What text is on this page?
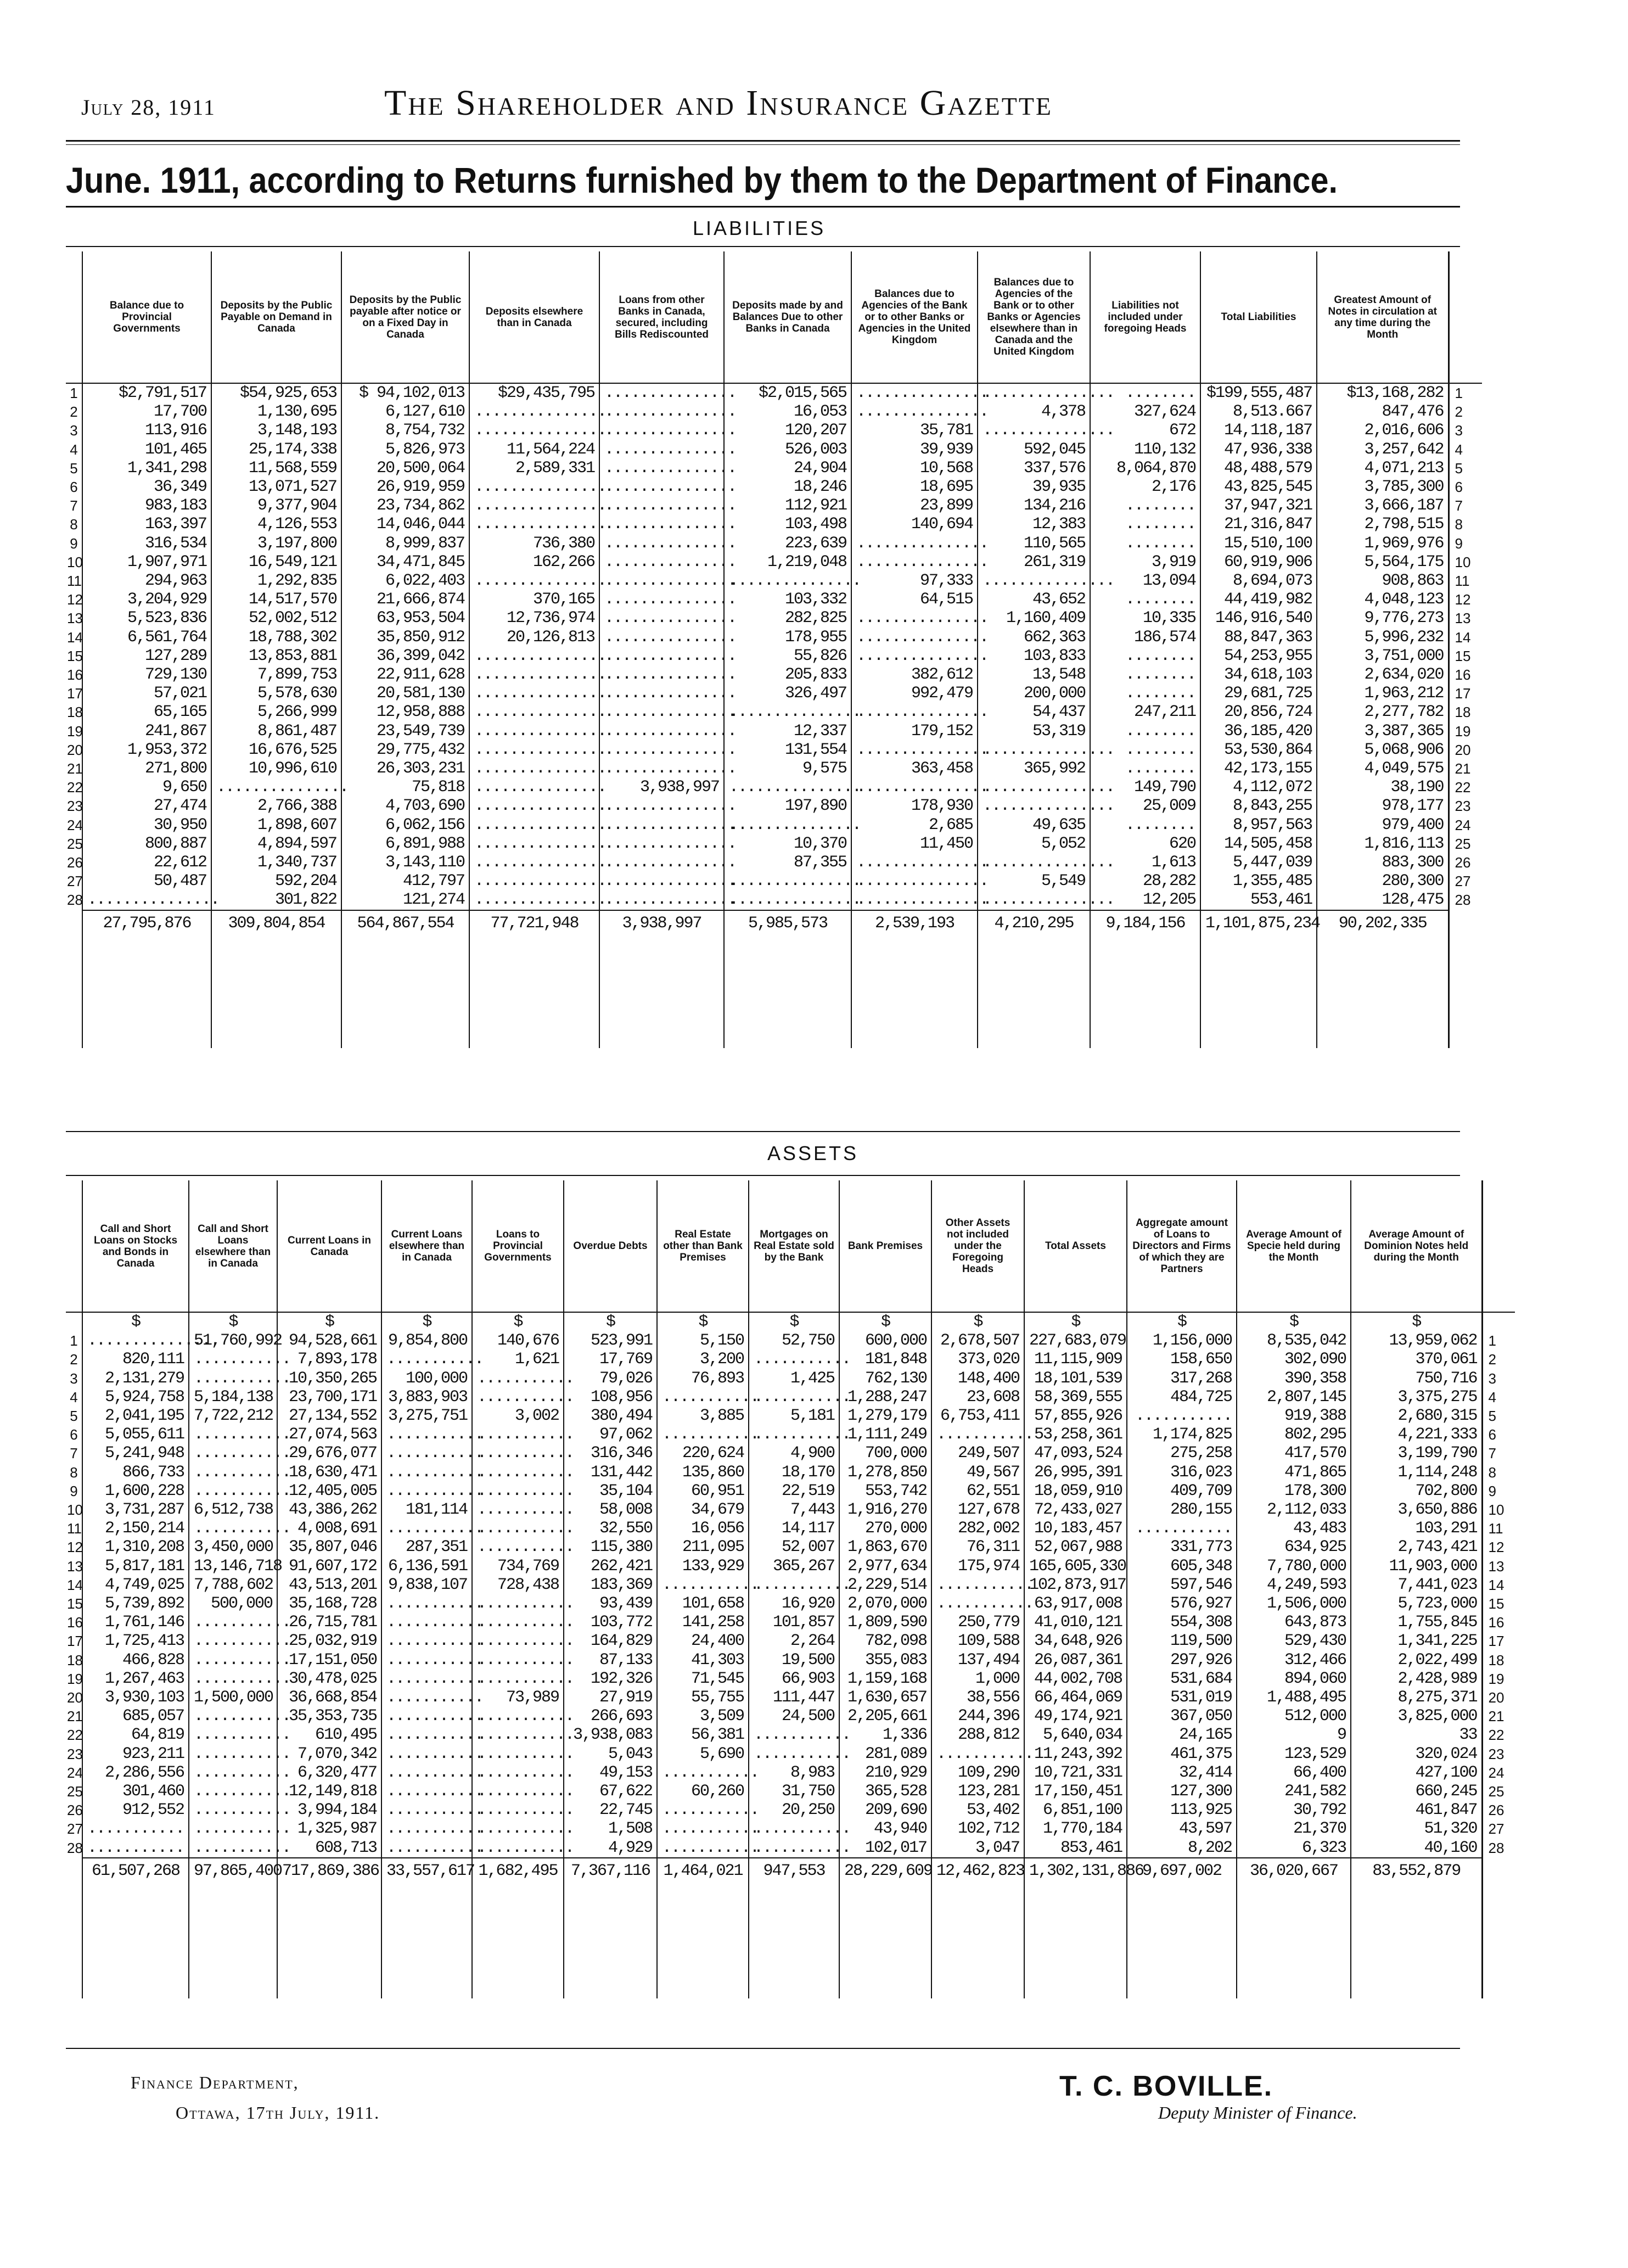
July 28, 1911	The Shareholder and Insurance Gazette
June. 1911, according to Returns furnished by them to the Department of Finance.
LIABILITIES
	Balance due to Provincial Governments	Deposits by the Public Payable on Demand in Canada	Deposits by the Public payable after notice or on a Fixed Day in Canada	Deposits elsewhere than in Canada	Loans from other Banks in Canada, secured, including Bills Rediscounted	Deposits made by and Balances Due to other Banks in Canada	Balances due to Agencies of the Bank or to other Banks or Agencies in the United Kingdom	Balances due to Agencies of the Bank or to other Banks or Agencies elsewhere than in Canada and the United Kingdom	Liabilities not included under foregoing Heads	Total Liabilities	Greatest Amount of Notes in circulation at any time during the Month	
1	$2,791,517	$54,925,653	$ 94,102,013	$29,435,795	...............	$2,015,565	...............	...............	........	$199,555,487	$13,168,282	1
2	17,700	1,130,695	6,127,610	...............	...............	16,053	...............	4,378	327,624	8,513.667	847,476	2
3	113,916	3,148,193	8,754,732	...............	...............	120,207	35,781	...............	672	14,118,187	2,016,606	3
4	101,465	25,174,338	5,826,973	11,564,224	...............	526,003	39,939	592,045	110,132	47,936,338	3,257,642	4
5	1,341,298	11,568,559	20,500,064	2,589,331	...............	24,904	10,568	337,576	8,064,870	48,488,579	4,071,213	5
6	36,349	13,071,527	26,919,959	...............	...............	18,246	18,695	39,935	2,176	43,825,545	3,785,300	6
7	983,183	9,377,904	23,734,862	...............	...............	112,921	23,899	134,216	........	37,947,321	3,666,187	7
8	163,397	4,126,553	14,046,044	...............	...............	103,498	140,694	12,383	........	21,316,847	2,798,515	8
9	316,534	3,197,800	8,999,837	736,380	...............	223,639	...............	110,565	........	15,510,100	1,969,976	9
10	1,907,971	16,549,121	34,471,845	162,266	...............	1,219,048	...............	261,319	3,919	60,919,906	5,564,175	10
11	294,963	1,292,835	6,022,403	...............	...............	...............	97,333	...............	13,094	8,694,073	908,863	11
12	3,204,929	14,517,570	21,666,874	370,165	...............	103,332	64,515	43,652	........	44,419,982	4,048,123	12
13	5,523,836	52,002,512	63,953,504	12,736,974	...............	282,825	...............	1,160,409	10,335	146,916,540	9,776,273	13
14	6,561,764	18,788,302	35,850,912	20,126,813	...............	178,955	...............	662,363	186,574	88,847,363	5,996,232	14
15	127,289	13,853,881	36,399,042	...............	...............	55,826	...............	103,833	........	54,253,955	3,751,000	15
16	729,130	7,899,753	22,911,628	...............	...............	205,833	382,612	13,548	........	34,618,103	2,634,020	16
17	57,021	5,578,630	20,581,130	...............	...............	326,497	992,479	200,000	........	29,681,725	1,963,212	17
18	65,165	5,266,999	12,958,888	...............	...............	...............	...............	54,437	247,211	20,856,724	2,277,782	18
19	241,867	8,861,487	23,549,739	...............	...............	12,337	179,152	53,319	........	36,185,420	3,387,365	19
20	1,953,372	16,676,525	29,775,432	...............	...............	131,554	...............	...............	........	53,530,864	5,068,906	20
21	271,800	10,996,610	26,303,231	...............	...............	9,575	363,458	365,992	........	42,173,155	4,049,575	21
22	9,650	...............	75,818	...............	3,938,997	...............	...............	...............	149,790	4,112,072	38,190	22
23	27,474	2,766,388	4,703,690	...............	...............	197,890	178,930	...............	25,009	8,843,255	978,177	23
24	30,950	1,898,607	6,062,156	...............	...............	...............	2,685	49,635	........	8,957,563	979,400	24
25	800,887	4,894,597	6,891,988	...............	...............	10,370	11,450	5,052	620	14,505,458	1,816,113	25
26	22,612	1,340,737	3,143,110	...............	...............	87,355	...............	...............	1,613	5,447,039	883,300	26
27	50,487	592,204	412,797	...............	...............	...............	...............	5,549	28,282	1,355,485	280,300	27
28	...............	301,822	121,274	...............	...............	...............	...............	...............	12,205	553,461	128,475	28
	27,795,876	309,804,854	564,867,554	77,721,948	3,938,997	5,985,573	2,539,193	4,210,295	9,184,156	1,101,875,234	90,202,335	

ASSETS
	Call and Short Loans on Stocks and Bonds in Canada	Call and Short Loans elsewhere than in Canada	Current Loans in Canada	Current Loans elsewhere than in Canada	Loans to Provincial Governments	Overdue Debts	Real Estate other than Bank Premises	Mortgages on Real Estate sold by the Bank	Bank Premises	Other Assets not included under the Foregoing Heads	Total Assets	Aggregate amount of Loans to Directors and Firms of which they are Partners	Average Amount of Specie held during the Month	Average Amount of Dominion Notes held during the Month	
	$	$	$	$	$	$	$	$	$	$	$	$	$	$	
1	...............	51,760,992	94,528,661	9,854,800	140,676	523,991	5,150	52,750	600,000	2,678,507	227,683,079	1,156,000	8,535,042	13,959,062	1
2	820,111	...........	7,893,178	...........	1,621	17,769	3,200	...........	181,848	373,020	11,115,909	158,650	302,090	370,061	2
3	2,131,279	...........	10,350,265	100,000	...........	79,026	76,893	1,425	762,130	148,400	18,101,539	317,268	390,358	750,716	3
4	5,924,758	5,184,138	23,700,171	3,883,903	...........	108,956	...........	...........	1,288,247	23,608	58,369,555	484,725	2,807,145	3,375,275	4
5	2,041,195	7,722,212	27,134,552	3,275,751	3,002	380,494	3,885	5,181	1,279,179	6,753,411	57,855,926	...........	919,388	2,680,315	5
6	5,055,611	...........	27,074,563	...........	...........	97,062	...........	...........	1,111,249	...........	53,258,361	1,174,825	802,295	4,221,333	6
7	5,241,948	...........	29,676,077	...........	...........	316,346	220,624	4,900	700,000	249,507	47,093,524	275,258	417,570	3,199,790	7
8	866,733	...........	18,630,471	...........	...........	131,442	135,860	18,170	1,278,850	49,567	26,995,391	316,023	471,865	1,114,248	8
9	1,600,228	...........	12,405,005	...........	...........	35,104	60,951	22,519	553,742	62,551	18,059,910	409,709	178,300	702,800	9
10	3,731,287	6,512,738	43,386,262	181,114	...........	58,008	34,679	7,443	1,916,270	127,678	72,433,027	280,155	2,112,033	3,650,886	10
11	2,150,214	...........	4,008,691	...........	...........	32,550	16,056	14,117	270,000	282,002	10,183,457	...........	43,483	103,291	11
12	1,310,208	3,450,000	35,807,046	287,351	...........	115,380	211,095	52,007	1,863,670	76,311	52,067,988	331,773	634,925	2,743,421	12
13	5,817,181	13,146,718	91,607,172	6,136,591	734,769	262,421	133,929	365,267	2,977,634	175,974	165,605,330	605,348	7,780,000	11,903,000	13
14	4,749,025	7,788,602	43,513,201	9,838,107	728,438	183,369	...........	...........	2,229,514	...........	102,873,917	597,546	4,249,593	7,441,023	14
15	5,739,892	500,000	35,168,728	...........	...........	93,439	101,658	16,920	2,070,000	...........	63,917,008	576,927	1,506,000	5,723,000	15
16	1,761,146	...........	26,715,781	...........	...........	103,772	141,258	101,857	1,809,590	250,779	41,010,121	554,308	643,873	1,755,845	16
17	1,725,413	...........	25,032,919	...........	...........	164,829	24,400	2,264	782,098	109,588	34,648,926	119,500	529,430	1,341,225	17
18	466,828	...........	17,151,050	...........	...........	87,133	41,303	19,500	355,083	137,494	26,087,361	297,926	312,466	2,022,499	18
19	1,267,463	...........	30,478,025	...........	...........	192,326	71,545	66,903	1,159,168	1,000	44,002,708	531,684	894,060	2,428,989	19
20	3,930,103	1,500,000	36,668,854	...........	73,989	27,919	55,755	111,447	1,630,657	38,556	66,464,069	531,019	1,488,495	8,275,371	20
21	685,057	...........	35,353,735	...........	...........	266,693	3,509	24,500	2,205,661	244,396	49,174,921	367,050	512,000	3,825,000	21
22	64,819	...........	610,495	...........	...........	3,938,083	56,381	...........	1,336	288,812	5,640,034	24,165	9	33	22
23	923,211	...........	7,070,342	...........	...........	5,043	5,690	...........	281,089	...........	11,243,392	461,375	123,529	320,024	23
24	2,286,556	...........	6,320,477	...........	...........	49,153	...........	8,983	210,929	109,290	10,721,331	32,414	66,400	427,100	24
25	301,460	...........	12,149,818	...........	...........	67,622	60,260	31,750	365,528	123,281	17,150,451	127,300	241,582	660,245	25
26	912,552	...........	3,994,184	...........	...........	22,745	...........	20,250	209,690	53,402	6,851,100	113,925	30,792	461,847	26
27	...........	...........	1,325,987	...........	...........	1,508	...........	...........	43,940	102,712	1,770,184	43,597	21,370	51,320	27
28	...........	...........	608,713	...........	...........	4,929	...........	...........	102,017	3,047	853,461	8,202	6,323	40,160	28
	61,507,268	97,865,400	717,869,386	33,557,617	1,682,495	7,367,116	1,464,021	947,553	28,229,609	12,462,823	1,302,131,886	9,697,002	36,020,667	83,552,879	

Finance Department,
Ottawa, 17th July, 1911.
T. C. BOVILLE.
Deputy Minister of Finance.
